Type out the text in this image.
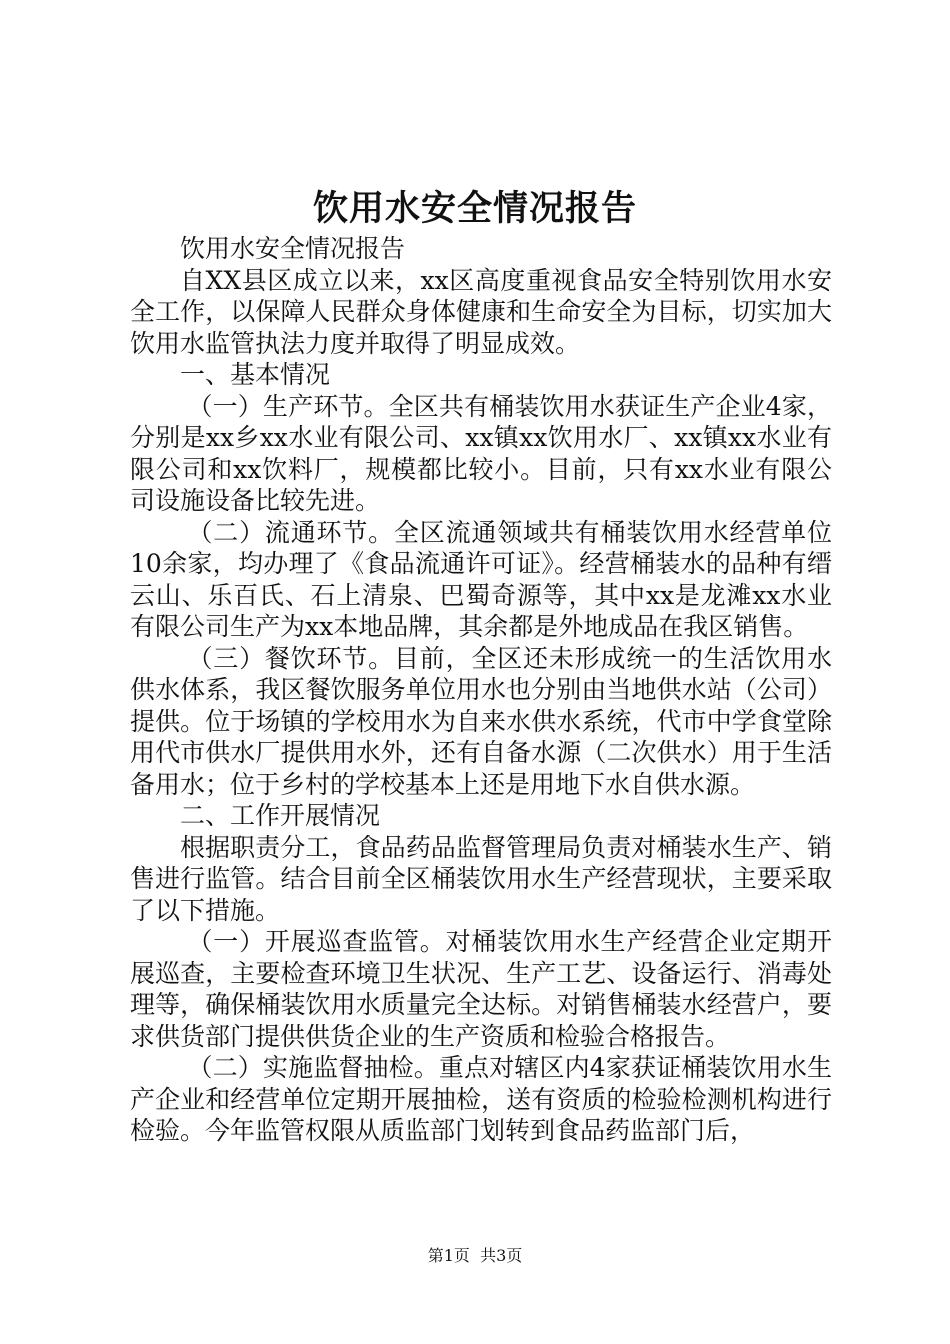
饮用水安全情况报告

饮用水安全情况报告

自XX县区成立以来，xx区高度重视食品安全特别饮用水安全工作，以保障人民群众身体健康和生命安全为目标，切实加大饮用水监管执法力度并取得了明显成效。

一、基本情况

（一）生产环节。全区共有桶装饮用水获证生产企业4家，分别是xx乡xx水业有限公司、xx镇xx饮用水厂、xx镇xx水业有限公司和xx饮料厂，规模都比较小。目前，只有xx水业有限公司设施设备比较先进。

（二）流通环节。全区流通领域共有桶装饮用水经营单位10余家，均办理了《食品流通许可证》。经营桶装水的品种有缙云山、乐百氏、石上清泉、巴蜀奇源等，其中xx是龙滩xx水业有限公司生产为xx本地品牌，其余都是外地成品在我区销售。

（三）餐饮环节。目前，全区还未形成统一的生活饮用水供水体系，我区餐饮服务单位用水也分别由当地供水站（公司）提供。位于场镇的学校用水为自来水供水系统，代市中学食堂除用代市供水厂提供用水外，还有自备水源（二次供水）用于生活备用水；位于乡村的学校基本上还是用地下水自供水源。

二、工作开展情况

根据职责分工，食品药品监督管理局负责对桶装水生产、销售进行监管。结合目前全区桶装饮用水生产经营现状，主要采取了以下措施。

（一）开展巡查监管。对桶装饮用水生产经营企业定期开展巡查，主要检查环境卫生状况、生产工艺、设备运行、消毒处理等，确保桶装饮用水质量完全达标。对销售桶装水经营户，要求供货部门提供供货企业的生产资质和检验合格报告。

（二）实施监督抽检。重点对辖区内4家获证桶装饮用水生产企业和经营单位定期开展抽检，送有资质的检验检测机构进行检验。今年监管权限从质监部门划转到食品药监部门后，

第1页  共3页
